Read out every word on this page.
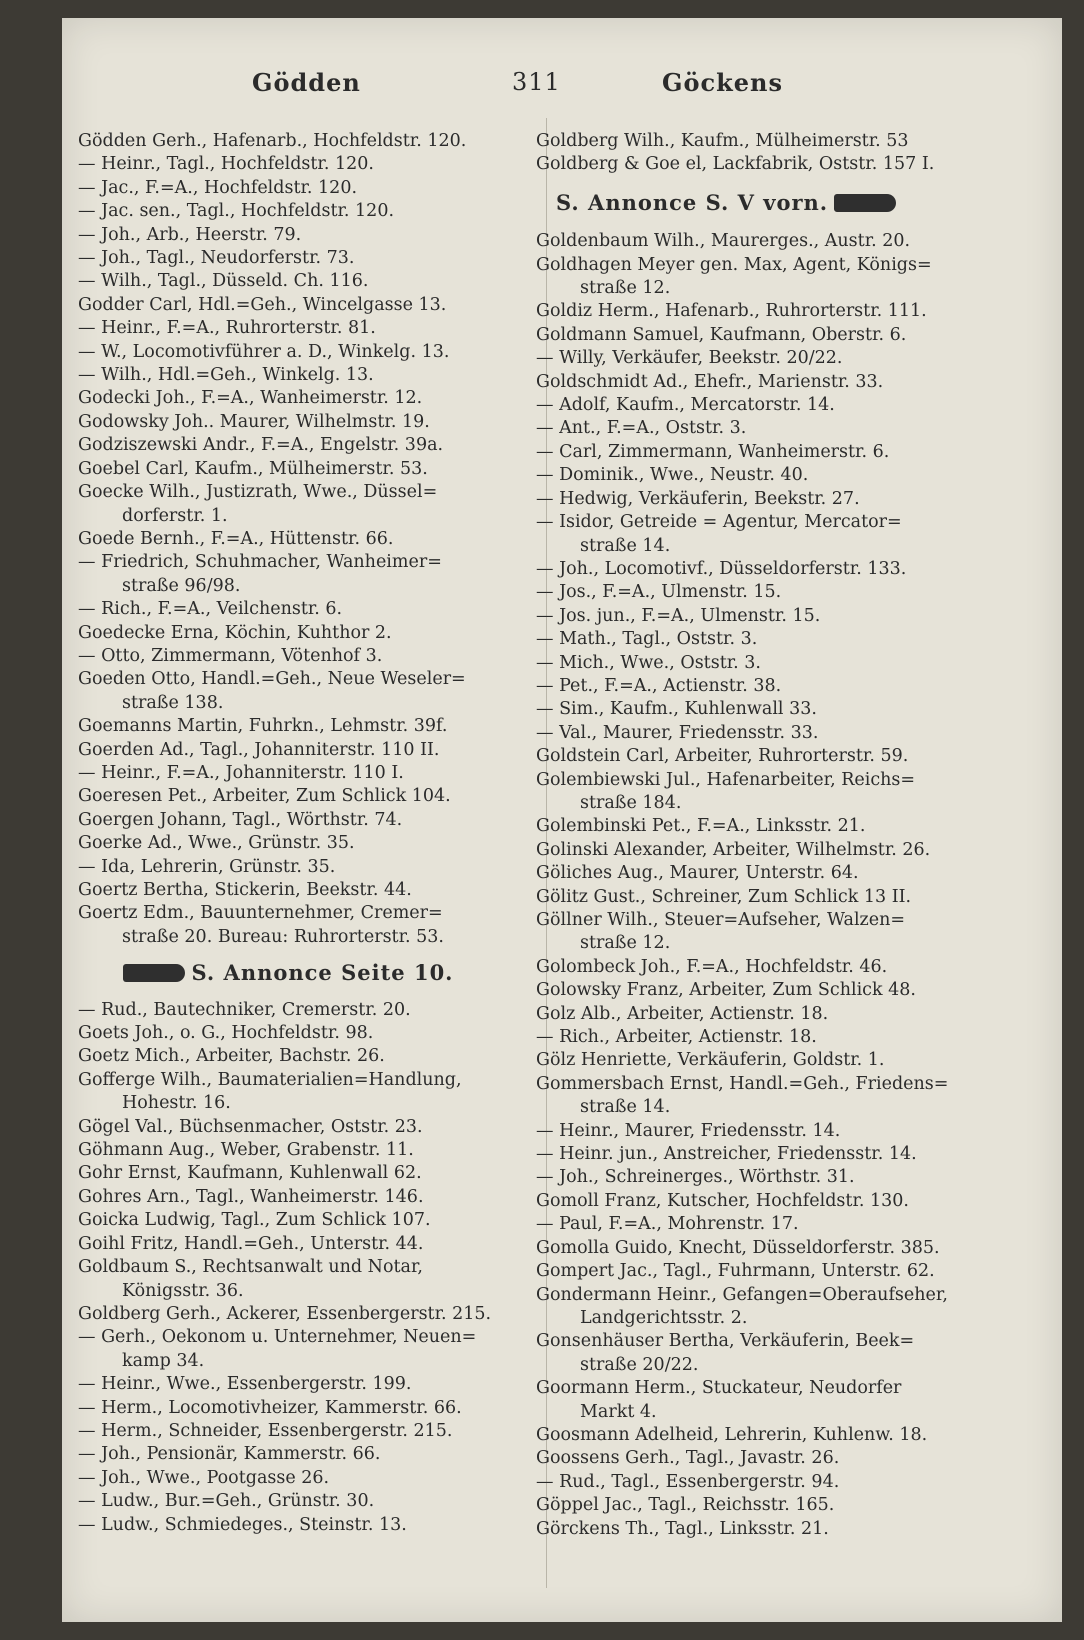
Gödden	311	Göckens
Gödden Gerh., Hafenarb., Hochfeldstr. 120.
— Heinr., Tagl., Hochfeldstr. 120.
— Jac., F.=A., Hochfeldstr. 120.
— Jac. sen., Tagl., Hochfeldstr. 120.
— Joh., Arb., Heerstr. 79.
— Joh., Tagl., Neudorferstr. 73.
— Wilh., Tagl., Düsseld. Ch. 116.
Godder Carl, Hdl.=Geh., Wincelgasse 13.
— Heinr., F.=A., Ruhrorterstr. 81.
— W., Locomotivführer a. D., Winkelg. 13.
— Wilh., Hdl.=Geh., Winkelg. 13.
Godecki Joh., F.=A., Wanheimerstr. 12.
Godowsky Joh.. Maurer, Wilhelmstr. 19.
Godziszewski Andr., F.=A., Engelstr. 39a.
Goebel Carl, Kaufm., Mülheimerstr. 53.
Goecke Wilh., Justizrath, Wwe., Düssel=
dorferstr. 1.
Goede Bernh., F.=A., Hüttenstr. 66.
— Friedrich, Schuhmacher, Wanheimer=
straße 96/98.
— Rich., F.=A., Veilchenstr. 6.
Goedecke Erna, Köchin, Kuhthor 2.
— Otto, Zimmermann, Vötenhof 3.
Goeden Otto, Handl.=Geh., Neue Weseler=
straße 138.
Goemanns Martin, Fuhrkn., Lehmstr. 39f.
Goerden Ad., Tagl., Johanniterstr. 110 II.
— Heinr., F.=A., Johanniterstr. 110 I.
Goeresen Pet., Arbeiter, Zum Schlick 104.
Goergen Johann, Tagl., Wörthstr. 74.
Goerke Ad., Wwe., Grünstr. 35.
— Ida, Lehrerin, Grünstr. 35.
Goertz Bertha, Stickerin, Beekstr. 44.
Goertz Edm., Bauunternehmer, Cremer=
straße 20. Bureau: Ruhrorterstr. 53.
S. Annonce Seite 10.
— Rud., Bautechniker, Cremerstr. 20.
Goets Joh., o. G., Hochfeldstr. 98.
Goetz Mich., Arbeiter, Bachstr. 26.
Gofferge Wilh., Baumaterialien=Handlung,
Hohestr. 16.
Gögel Val., Büchsenmacher, Oststr. 23.
Göhmann Aug., Weber, Grabenstr. 11.
Gohr Ernst, Kaufmann, Kuhlenwall 62.
Gohres Arn., Tagl., Wanheimerstr. 146.
Goicka Ludwig, Tagl., Zum Schlick 107.
Goihl Fritz, Handl.=Geh., Unterstr. 44.
Goldbaum S., Rechtsanwalt und Notar,
Königsstr. 36.
Goldberg Gerh., Ackerer, Essenbergerstr. 215.
— Gerh., Oekonom u. Unternehmer, Neuen=
kamp 34.
— Heinr., Wwe., Essenbergerstr. 199.
— Herm., Locomotivheizer, Kammerstr. 66.
— Herm., Schneider, Essenbergerstr. 215.
— Joh., Pensionär, Kammerstr. 66.
— Joh., Wwe., Pootgasse 26.
— Ludw., Bur.=Geh., Grünstr. 30.
— Ludw., Schmiedeges., Steinstr. 13.
Goldberg Wilh., Kaufm., Mülheimerstr. 53
Goldberg & Goe el, Lackfabrik, Oststr. 157 I.
S. Annonce S. V vorn.
Goldenbaum Wilh., Maurerges., Austr. 20.
Goldhagen Meyer gen. Max, Agent, Königs=
straße 12.
Goldiz Herm., Hafenarb., Ruhrorterstr. 111.
Goldmann Samuel, Kaufmann, Oberstr. 6.
— Willy, Verkäufer, Beekstr. 20/22.
Goldschmidt Ad., Ehefr., Marienstr. 33.
— Adolf, Kaufm., Mercatorstr. 14.
— Ant., F.=A., Oststr. 3.
— Carl, Zimmermann, Wanheimerstr. 6.
— Dominik., Wwe., Neustr. 40.
— Hedwig, Verkäuferin, Beekstr. 27.
— Isidor, Getreide = Agentur, Mercator=
straße 14.
— Joh., Locomotivf., Düsseldorferstr. 133.
— Jos., F.=A., Ulmenstr. 15.
— Jos. jun., F.=A., Ulmenstr. 15.
— Math., Tagl., Oststr. 3.
— Mich., Wwe., Oststr. 3.
— Pet., F.=A., Actienstr. 38.
— Sim., Kaufm., Kuhlenwall 33.
— Val., Maurer, Friedensstr. 33.
Goldstein Carl, Arbeiter, Ruhrorterstr. 59.
Golembiewski Jul., Hafenarbeiter, Reichs=
straße 184.
Golembinski Pet., F.=A., Linksstr. 21.
Golinski Alexander, Arbeiter, Wilhelmstr. 26.
Göliches Aug., Maurer, Unterstr. 64.
Gölitz Gust., Schreiner, Zum Schlick 13 II.
Göllner Wilh., Steuer=Aufseher, Walzen=
straße 12.
Golombeck Joh., F.=A., Hochfeldstr. 46.
Golowsky Franz, Arbeiter, Zum Schlick 48.
Golz Alb., Arbeiter, Actienstr. 18.
— Rich., Arbeiter, Actienstr. 18.
Gölz Henriette, Verkäuferin, Goldstr. 1.
Gommersbach Ernst, Handl.=Geh., Friedens=
straße 14.
— Heinr., Maurer, Friedensstr. 14.
— Heinr. jun., Anstreicher, Friedensstr. 14.
— Joh., Schreinerges., Wörthstr. 31.
Gomoll Franz, Kutscher, Hochfeldstr. 130.
— Paul, F.=A., Mohrenstr. 17.
Gomolla Guido, Knecht, Düsseldorferstr. 385.
Gompert Jac., Tagl., Fuhrmann, Unterstr. 62.
Gondermann Heinr., Gefangen=Oberaufseher,
Landgerichtsstr. 2.
Gonsenhäuser Bertha, Verkäuferin, Beek=
straße 20/22.
Goormann Herm., Stuckateur, Neudorfer
Markt 4.
Goosmann Adelheid, Lehrerin, Kuhlenw. 18.
Goossens Gerh., Tagl., Javastr. 26.
— Rud., Tagl., Essenbergerstr. 94.
Göppel Jac., Tagl., Reichsstr. 165.
Görckens Th., Tagl., Linksstr. 21.
